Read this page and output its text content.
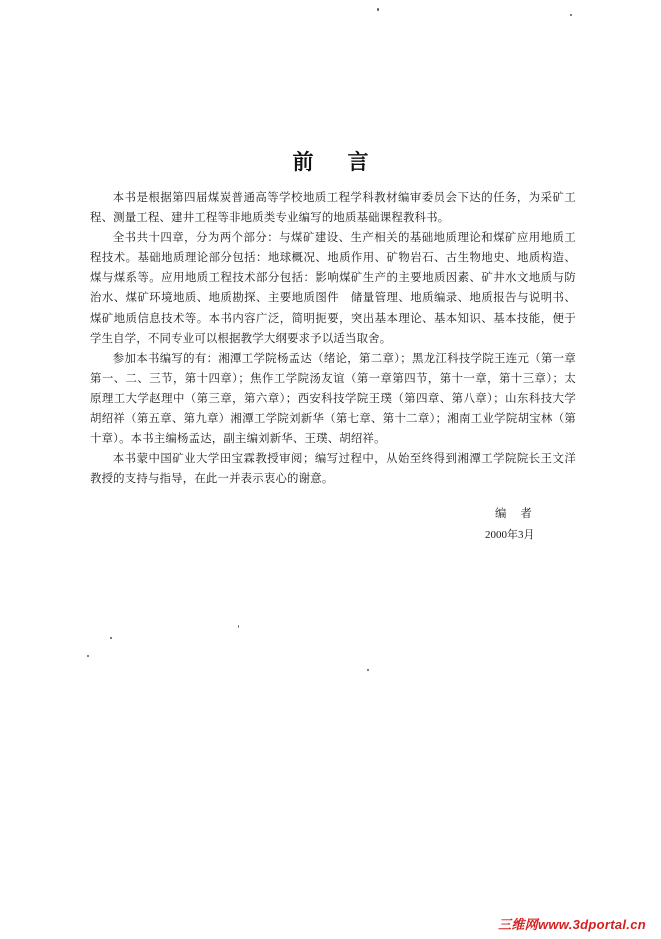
前言

本书是根据第四届煤炭普通高等学校地质工程学科教材编审委员会下达的任务，为采矿工程、测量工程、建井工程等非地质类专业编写的地质基础课程教科书。

全书共十四章，分为两个部分：与煤矿建设、生产相关的基础地质理论和煤矿应用地质工程技术。基础地质理论部分包括：地球概况、地质作用、矿物岩石、古生物地史、地质构造、煤与煤系等。应用地质工程技术部分包括：影响煤矿生产的主要地质因素、矿井水文地质与防治水、煤矿环境地质、地质勘探、主要地质图件　储量管理、地质编录、地质报告与说明书、煤矿地质信息技术等。本书内容广泛，简明扼要，突出基本理论、基本知识、基本技能，便于学生自学，不同专业可以根据教学大纲要求予以适当取舍。

参加本书编写的有：湘潭工学院杨孟达（绪论，第二章）；黑龙江科技学院王连元（第一章第一、二、三节，第十四章）；焦作工学院汤友谊（第一章第四节，第十一章，第十三章）；太原理工大学赵理中（第三章，第六章）；西安科技学院王璞（第四章、第八章）；山东科技大学胡绍祥（第五章、第九章）湘潭工学院刘新华（第七章、第十二章）；湘南工业学院胡宝林（第十章）。本书主编杨孟达，副主编刘新华、王璞、胡绍祥。

本书蒙中国矿业大学田宝霖教授审阅；编写过程中，从始至终得到湘潭工学院院长王文洋教授的支持与指导，在此一并表示衷心的谢意。

编者
2000年3月
三维网www.3dportal.cn
